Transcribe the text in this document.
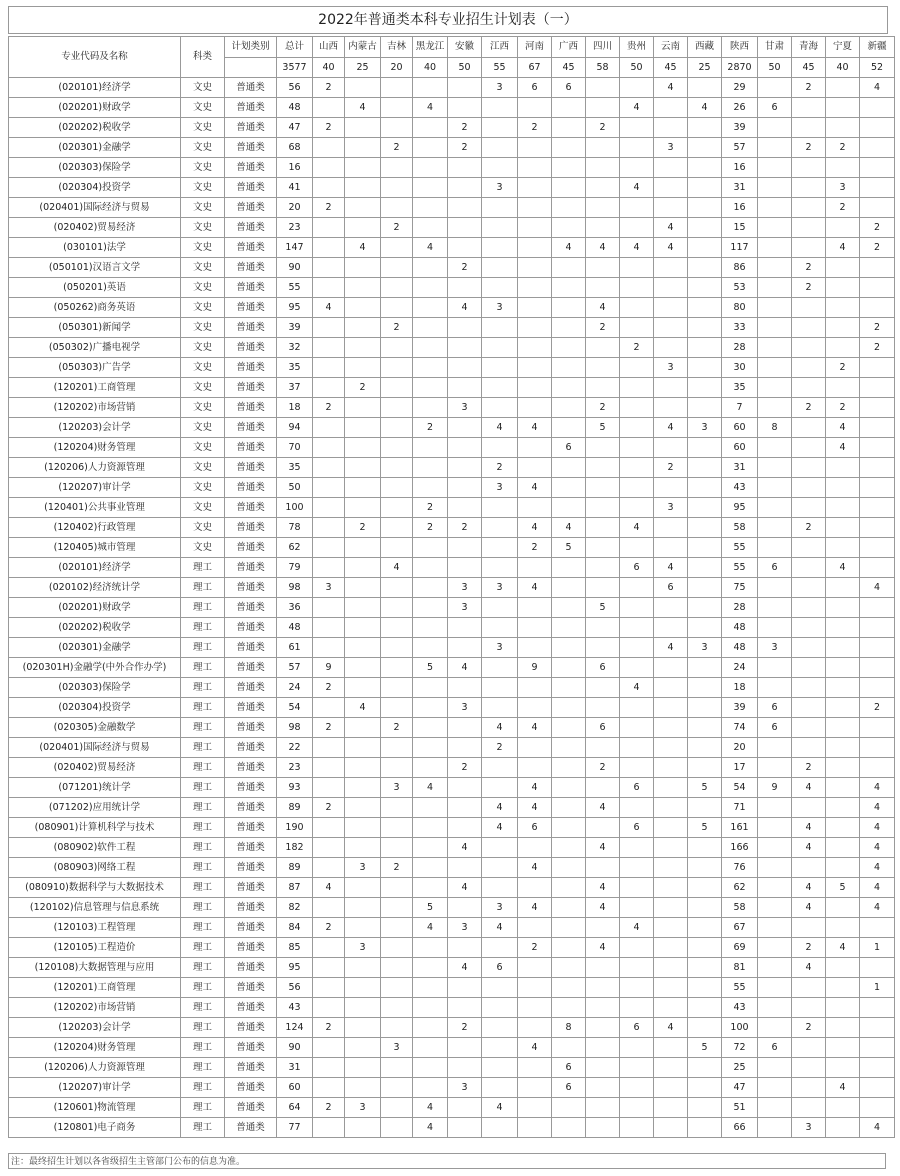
2022年普通类本科专业招生计划表（一）
专业代码及名称	科类	计划类别	总计	山西	内蒙古	吉林	黑龙江	安徽	江西	河南	广西	四川	贵州	云南	西藏	陕西	甘肃	青海	宁夏	新疆
			3577	40	25	20	40	50	55	67	45	58	50	45	25	2870	50	45	40	52
(020101)经济学	文史	普通类	56	2					3	6	6			4		29		2		4
(020201)财政学	文史	普通类	48		4		4						4		4	26	6			
(020202)税收学	文史	普通类	47	2				2		2		2				39				
(020301)金融学	文史	普通类	68			2		2						3		57		2	2	
(020303)保险学	文史	普通类	16													16				
(020304)投资学	文史	普通类	41						3				4			31			3	
(020401)国际经济与贸易	文史	普通类	20	2												16			2	
(020402)贸易经济	文史	普通类	23			2								4		15				2
(030101)法学	文史	普通类	147		4		4				4	4	4	4		117			4	2
(050101)汉语言文学	文史	普通类	90					2								86		2		
(050201)英语	文史	普通类	55													53		2		
(050262)商务英语	文史	普通类	95	4				4	3			4				80				
(050301)新闻学	文史	普通类	39			2						2				33				2
(050302)广播电视学	文史	普通类	32										2			28				2
(050303)广告学	文史	普通类	35											3		30			2	
(120201)工商管理	文史	普通类	37		2											35				
(120202)市场营销	文史	普通类	18	2				3				2				7		2	2	
(120203)会计学	文史	普通类	94				2		4	4		5		4	3	60	8		4	
(120204)财务管理	文史	普通类	70								6					60			4	
(120206)人力资源管理	文史	普通类	35						2					2		31				
(120207)审计学	文史	普通类	50						3	4						43				
(120401)公共事业管理	文史	普通类	100				2							3		95				
(120402)行政管理	文史	普通类	78		2		2	2		4	4		4			58		2		
(120405)城市管理	文史	普通类	62							2	5					55				
(020101)经济学	理工	普通类	79			4							6	4		55	6		4	
(020102)经济统计学	理工	普通类	98	3				3	3	4				6		75				4
(020201)财政学	理工	普通类	36					3				5				28				
(020202)税收学	理工	普通类	48													48				
(020301)金融学	理工	普通类	61						3					4	3	48	3			
(020301H)金融学(中外合作办学)	理工	普通类	57	9			5	4		9		6				24				
(020303)保险学	理工	普通类	24	2									4			18				
(020304)投资学	理工	普通类	54		4			3								39	6			2
(020305)金融数学	理工	普通类	98	2		2			4	4		6				74	6			
(020401)国际经济与贸易	理工	普通类	22						2							20				
(020402)贸易经济	理工	普通类	23					2				2				17		2		
(071201)统计学	理工	普通类	93			3	4			4			6		5	54	9	4		4
(071202)应用统计学	理工	普通类	89	2					4	4		4				71				4
(080901)计算机科学与技术	理工	普通类	190						4	6			6		5	161		4		4
(080902)软件工程	理工	普通类	182					4				4				166		4		4
(080903)网络工程	理工	普通类	89		3	2				4						76				4
(080910)数据科学与大数据技术	理工	普通类	87	4				4				4				62		4	5	4
(120102)信息管理与信息系统	理工	普通类	82				5		3	4		4				58		4		4
(120103)工程管理	理工	普通类	84	2			4	3	4				4			67				
(120105)工程造价	理工	普通类	85		3					2		4				69		2	4	1
(120108)大数据管理与应用	理工	普通类	95					4	6							81		4		
(120201)工商管理	理工	普通类	56													55				1
(120202)市场营销	理工	普通类	43													43				
(120203)会计学	理工	普通类	124	2				2			8		6	4		100		2		
(120204)财务管理	理工	普通类	90			3				4					5	72	6			
(120206)人力资源管理	理工	普通类	31								6					25				
(120207)审计学	理工	普通类	60					3			6					47			4	
(120601)物流管理	理工	普通类	64	2	3		4		4							51				
(120801)电子商务	理工	普通类	77				4									66		3		4
注：最终招生计划以各省级招生主管部门公布的信息为准。
